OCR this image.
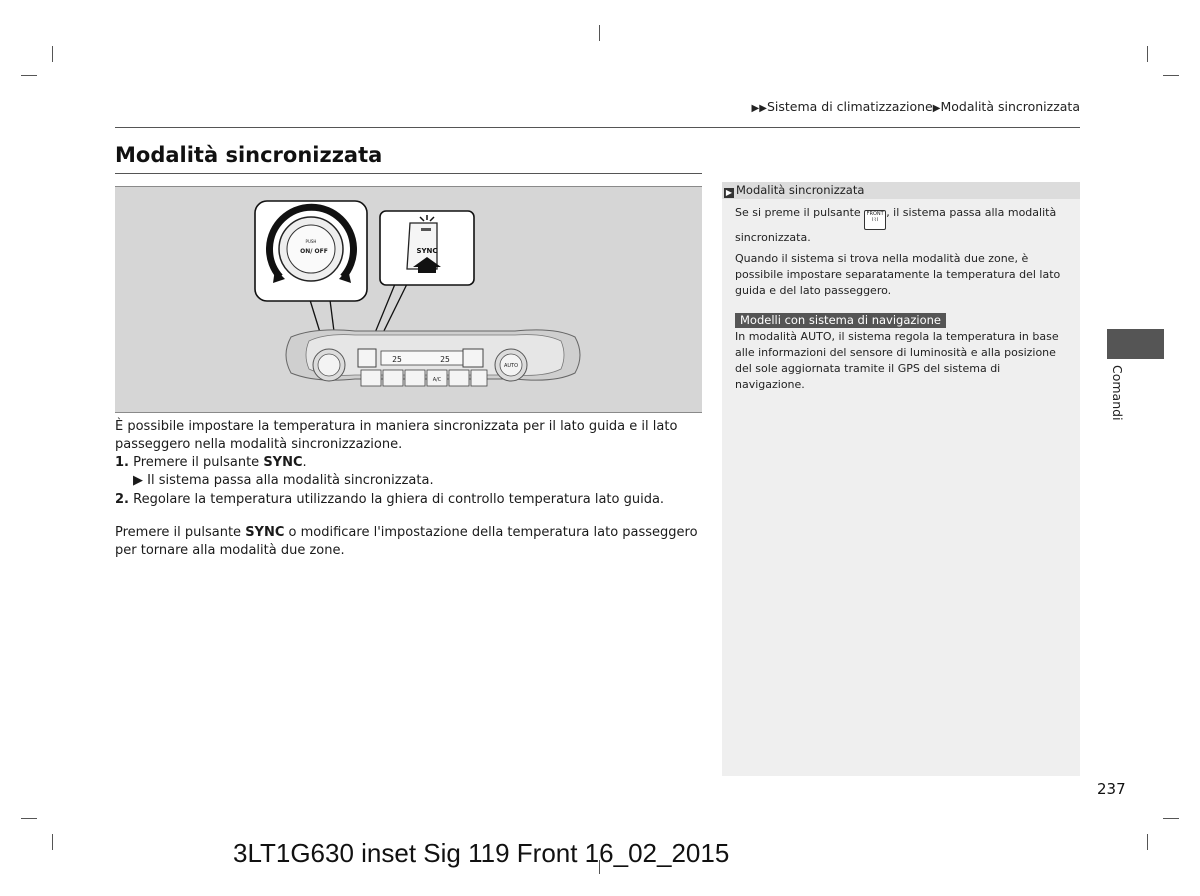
▶▶Sistema di climatizzazione▶Modalità sincronizzata
Modalità sincronizzata
PUSH
ON/ OFF	SYNC
AUTO
25	25
A/C
È possibile impostare la temperatura in maniera sincronizzata per il lato guida e il lato passeggero nella modalità sincronizzazione.
1. Premere il pulsante SYNC.
▶ Il sistema passa alla modalità sincronizzata.
2. Regolare la temperatura utilizzando la ghiera di controllo temperatura lato guida.
Premere il pulsante SYNC o modificare l'impostazione della temperatura lato passeggero per tornare alla modalità due zone.
▶ Modalità sincronizzata
Se si preme il pulsante FRONT
⌇⌇⌇, il sistema passa alla modalità sincronizzata.
Quando il sistema si trova nella modalità due zone, è possibile impostare separatamente la temperatura del lato guida e del lato passeggero.
Modelli con sistema di navigazione
In modalità AUTO, il sistema regola la temperatura in base alle informazioni del sensore di luminosità e alla posizione del sole aggiornata tramite il GPS del sistema di navigazione.	Comandi
237
3LT1G630 inset Sig 119 Front 16_02_2015
